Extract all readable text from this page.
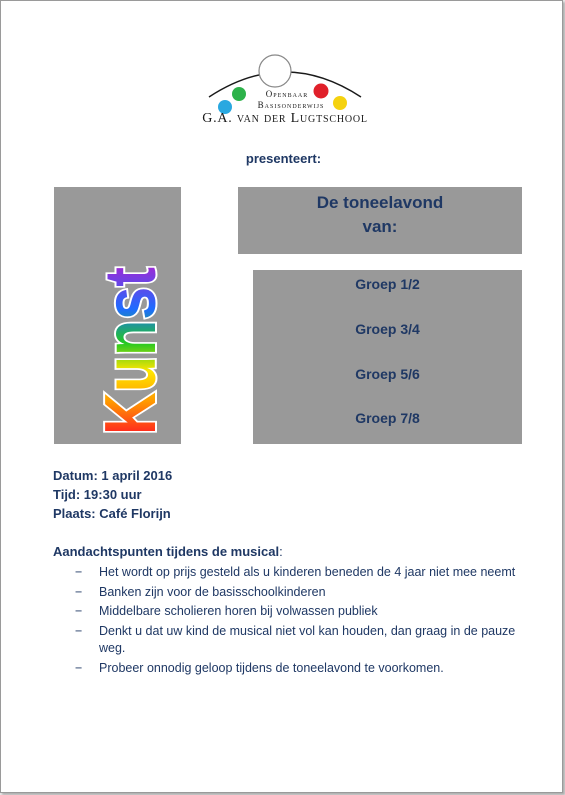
Openbaar
Basisonderwijs
G.A. van der Lugtschool
presenteert:
Kunst
De toneelavond
van:
Groep 1/2
Groep 3/4
Groep 5/6
Groep 7/8
Datum: 1 april 2016
Tijd: 19:30 uur
Plaats: Café Florijn
Aandachtspunten tijdens de musical:
− Het wordt op prijs gesteld als u kinderen beneden de 4 jaar niet mee neemt
− Banken zijn voor de basisschoolkinderen
− Middelbare scholieren horen bij volwassen publiek
− Denkt u dat uw kind de musical niet vol kan houden, dan graag in de pauze weg.
− Probeer onnodig geloop tijdens de toneelavond te voorkomen.
